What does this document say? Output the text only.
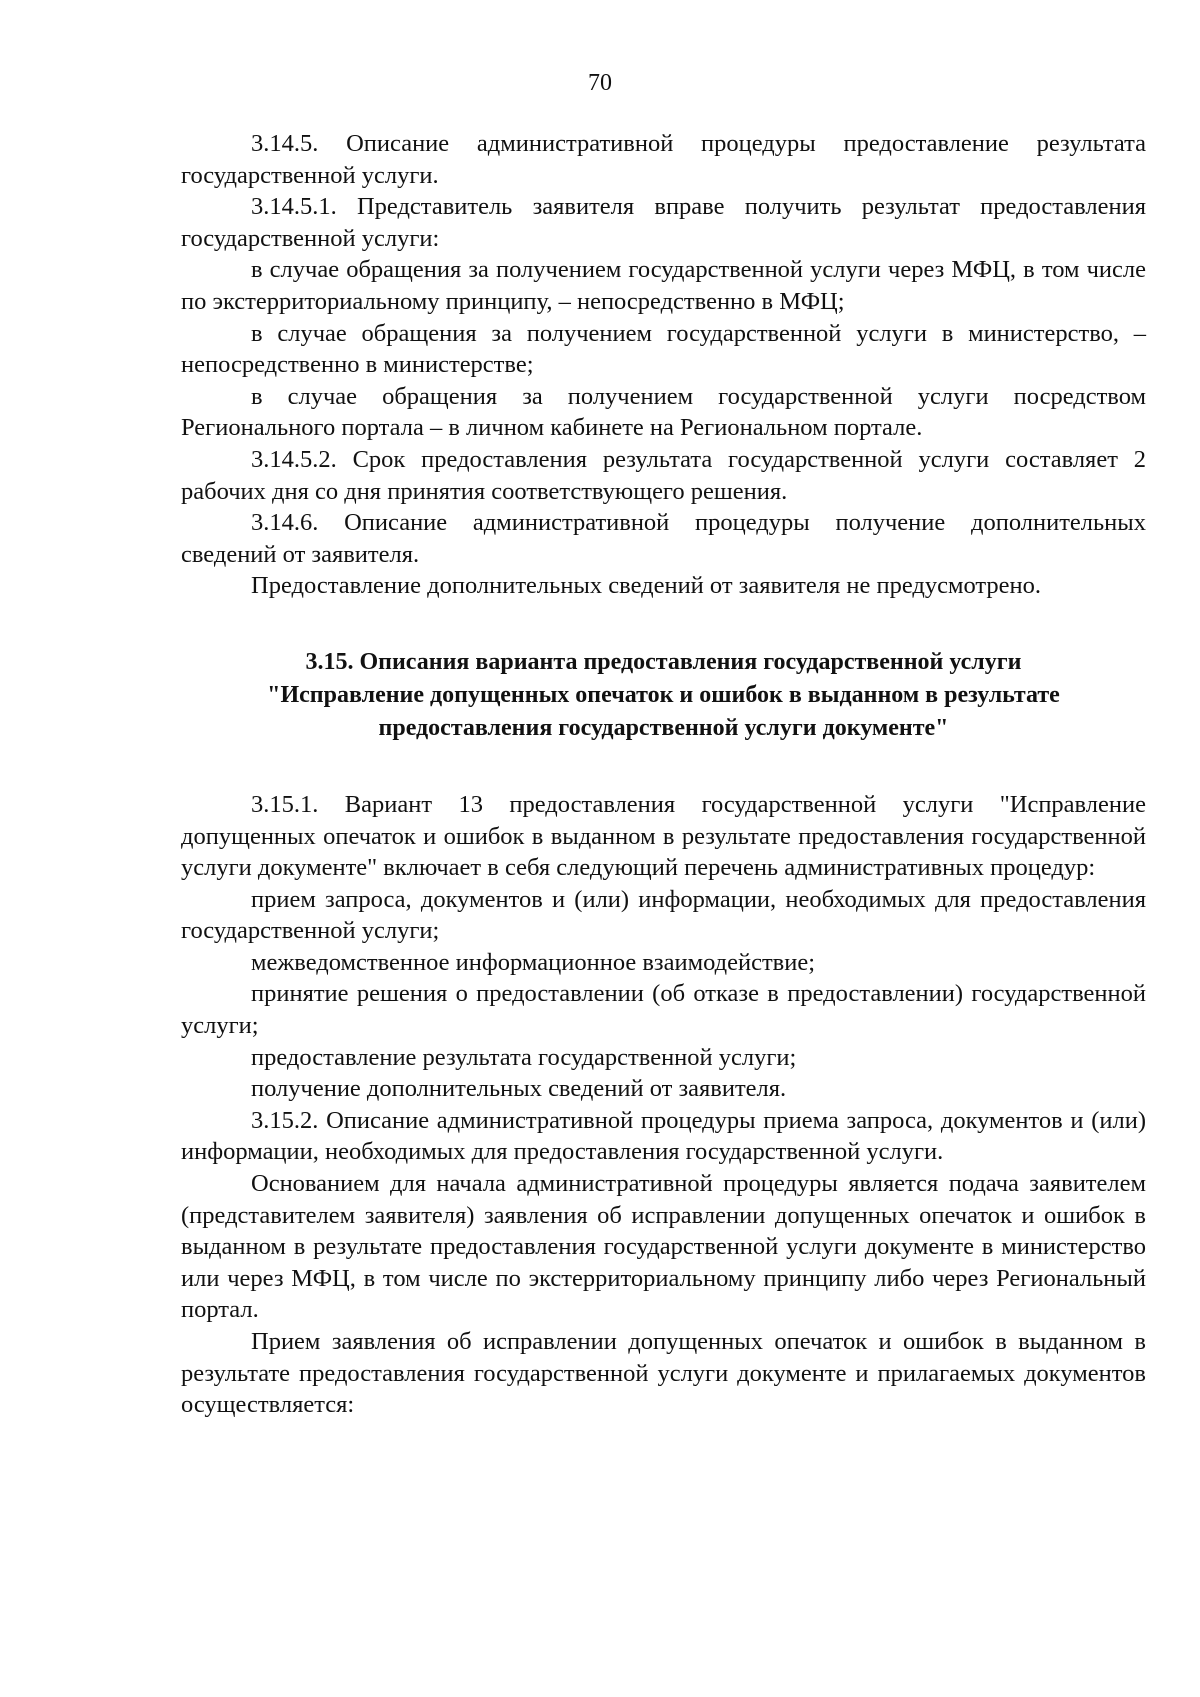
70

3.14.5. Описание административной процедуры предоставление результата государственной услуги.

3.14.5.1. Представитель заявителя вправе получить результат предоставления государственной услуги:

в случае обращения за получением государственной услуги через МФЦ, в том числе по экстерриториальному принципу, – непосредственно в МФЦ;

в случае обращения за получением государственной услуги в министерство, – непосредственно в министерстве;

в случае обращения за получением государственной услуги посредством Регионального портала – в личном кабинете на Региональном портале.

3.14.5.2. Срок предоставления результата государственной услуги составляет 2 рабочих дня со дня принятия соответствующего решения.

3.14.6. Описание административной процедуры получение дополнительных сведений от заявителя.

Предоставление дополнительных сведений от заявителя не предусмотрено.

3.15. Описания варианта предоставления государственной услуги
"Исправление допущенных опечаток и ошибок в выданном в результате
предоставления государственной услуги документе"

3.15.1. Вариант 13 предоставления государственной услуги "Исправление допущенных опечаток и ошибок в выданном в результате предоставления государственной услуги документе" включает в себя следующий перечень административных процедур:

прием запроса, документов и (или) информации, необходимых для предоставления государственной услуги;

межведомственное информационное взаимодействие;

принятие решения о предоставлении (об отказе в предоставлении) государственной услуги;

предоставление результата государственной услуги;

получение дополнительных сведений от заявителя.

3.15.2. Описание административной процедуры приема запроса, документов и (или) информации, необходимых для предоставления государственной услуги.

Основанием для начала административной процедуры является подача заявителем (представителем заявителя) заявления об исправлении допущенных опечаток и ошибок в выданном в результате предоставления государственной услуги документе в министерство или через МФЦ, в том числе по экстерриториальному принципу либо через Региональный портал.

Прием заявления об исправлении допущенных опечаток и ошибок в выданном в результате предоставления государственной услуги документе и прилагаемых документов осуществляется:
